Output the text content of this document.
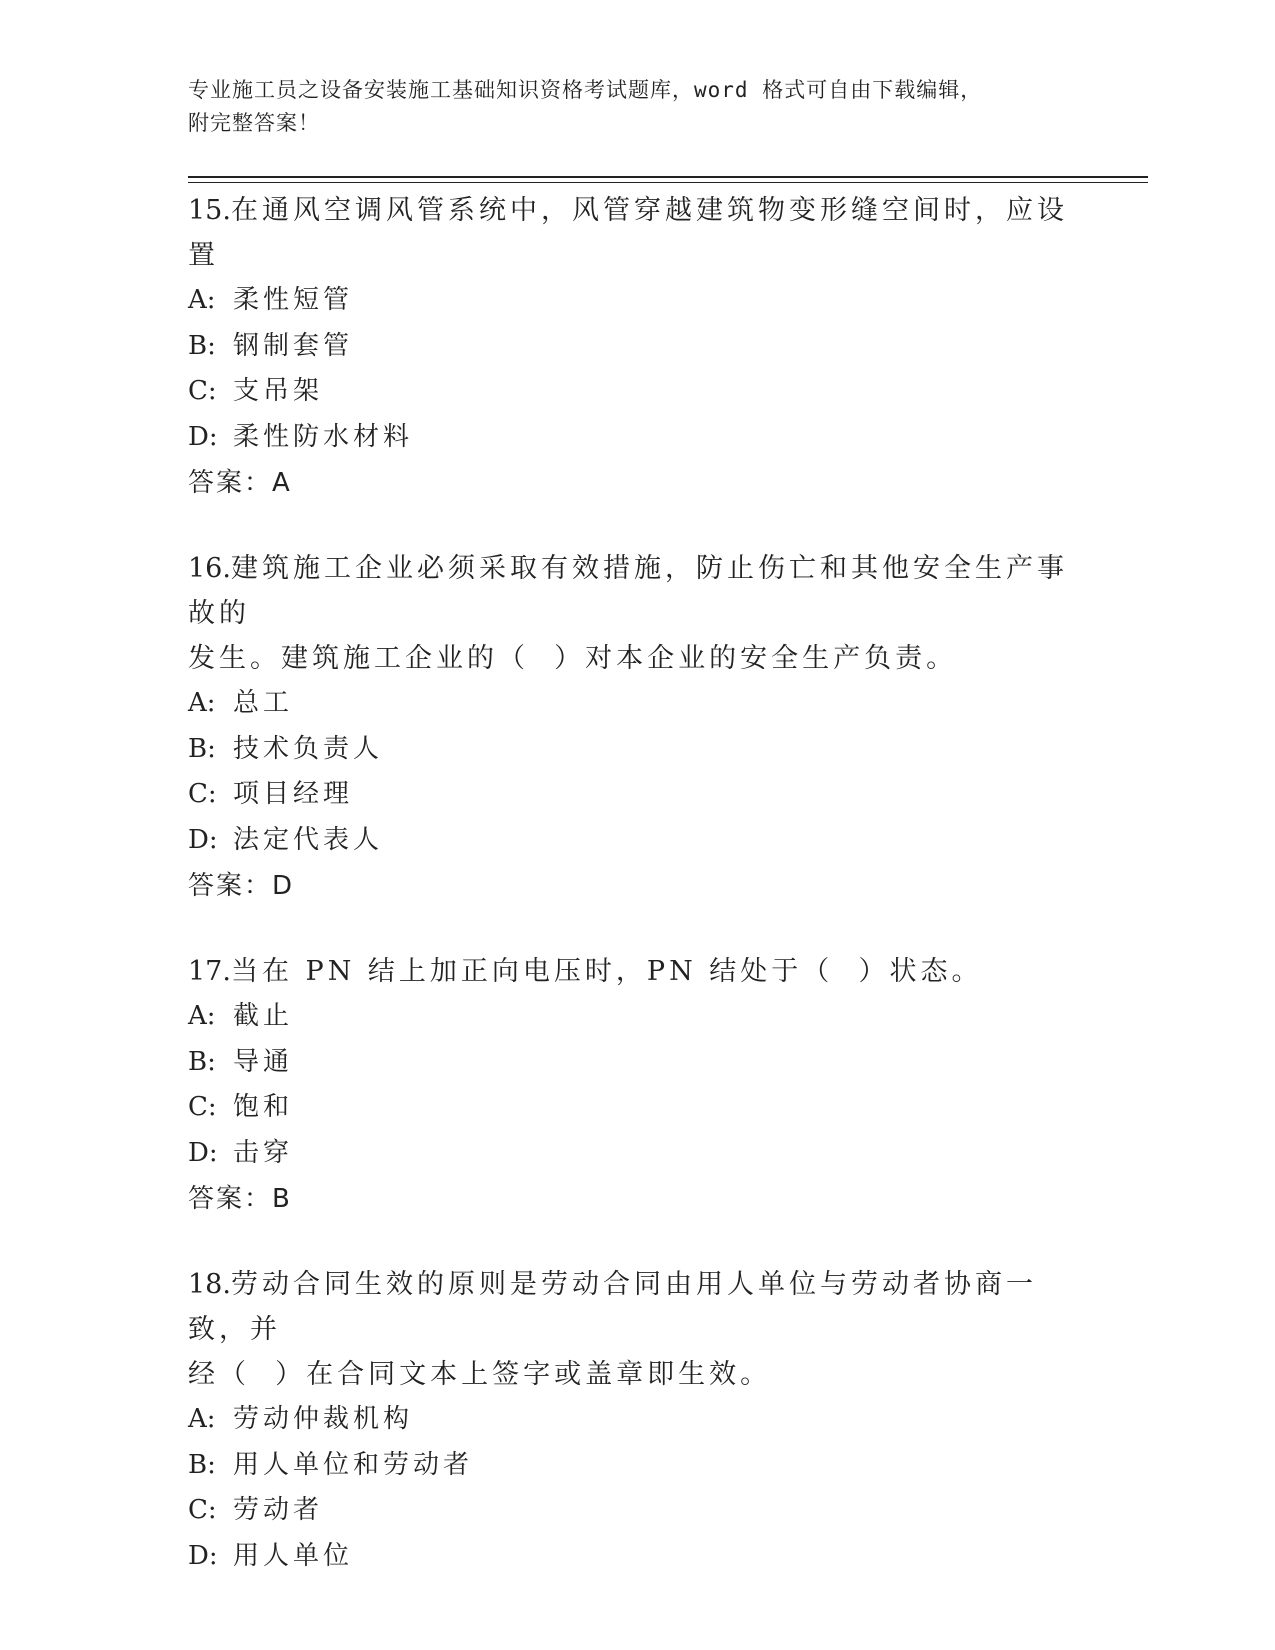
专业施工员之设备安装施工基础知识资格考试题库，word 格式可自由下载编辑，
附完整答案！
15.在通风空调风管系统中，风管穿越建筑物变形缝空间时，应设置
A: 柔性短管
B: 钢制套管
C: 支吊架
D: 柔性防水材料
答案：A
16.建筑施工企业必须采取有效措施，防止伤亡和其他安全生产事故的
发生。建筑施工企业的（  ）对本企业的安全生产负责。
A: 总工
B: 技术负责人
C: 项目经理
D: 法定代表人
答案：D
17.当在 PN 结上加正向电压时，PN 结处于（  ）状态。
A: 截止
B: 导通
C: 饱和
D: 击穿
答案：B
18.劳动合同生效的原则是劳动合同由用人单位与劳动者协商一致，并
经（  ）在合同文本上签字或盖章即生效。
A: 劳动仲裁机构
B: 用人单位和劳动者
C: 劳动者
D: 用人单位
